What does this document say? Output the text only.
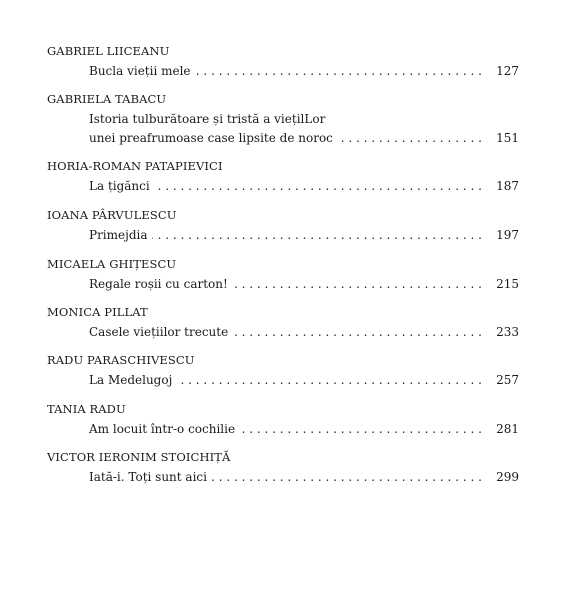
GABRIEL LIICEANU
. . . Bucla vieții mele	127
GABRIELA TABACU
Istoria tulburătoare și tristă a viețilLor
. . . unei preafrumoase case lipsite de noroc	151
HORIA-ROMAN PATAPIEVICI
. . . La țigănci	187
IOANA PÂRVULESCU
. . . Primejdia	197
MICAELA GHIȚESCU
. . . Regale roșii cu carton!	215
MONICA PILLAT
. . . Casele viețiilor trecute	233
RADU PARASCHIVESCU
. . . La Medelugoj	257
TANIA RADU
. . . Am locuit într-o cochilie	281
VICTOR IERONIM STOICHIȚĂ
. . . Iată-i. Toți sunt aici	299
